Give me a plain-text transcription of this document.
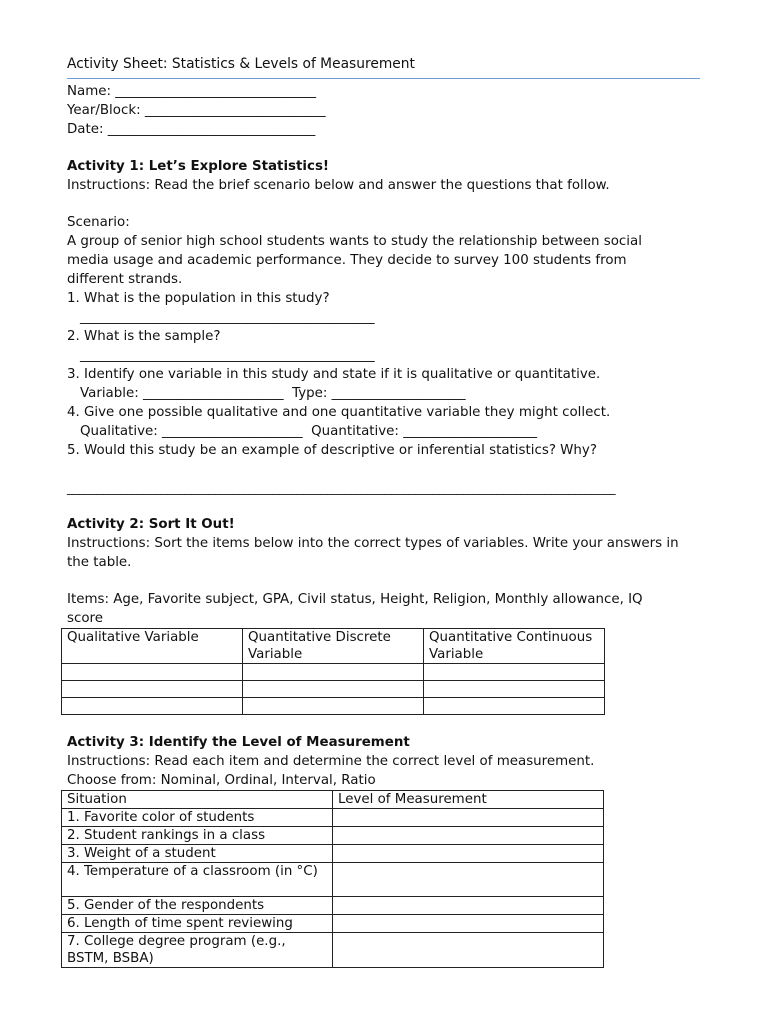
Activity Sheet: Statistics & Levels of Measurement
Name: ______________________________
Year/Block: ___________________________
Date: _______________________________
Activity 1: Let’s Explore Statistics!
Instructions: Read the brief scenario below and answer the questions that follow.
Scenario:
A group of senior high school students wants to study the relationship between social
media usage and academic performance. They decide to survey 100 students from
different strands.
1. What is the population in this study?
____________________________________________
2. What is the sample?
____________________________________________
3. Identify one variable in this study and state if it is qualitative or quantitative.
Variable: _____________________  Type: ____________________
4. Give one possible qualitative and one quantitative variable they might collect.
Qualitative: _____________________  Quantitative: ____________________
5. Would this study be an example of descriptive or inferential statistics? Why?
_____________________________________________________________________________________________
Activity 2: Sort It Out!
Instructions: Sort the items below into the correct types of variables. Write your answers in
the table.
Items: Age, Favorite subject, GPA, Civil status, Height, Religion, Monthly allowance, IQ
score
Qualitative Variable	Quantitative Discrete Variable	Quantitative Continuous Variable

Activity 3: Identify the Level of Measurement
Instructions: Read each item and determine the correct level of measurement.
Choose from: Nominal, Ordinal, Interval, Ratio
Situation	Level of Measurement
1. Favorite color of students	
2. Student rankings in a class	
3. Weight of a student	
4. Temperature of a classroom (in °C)	
5. Gender of the respondents	
6. Length of time spent reviewing	
7. College degree program (e.g., BSTM, BSBA)	
